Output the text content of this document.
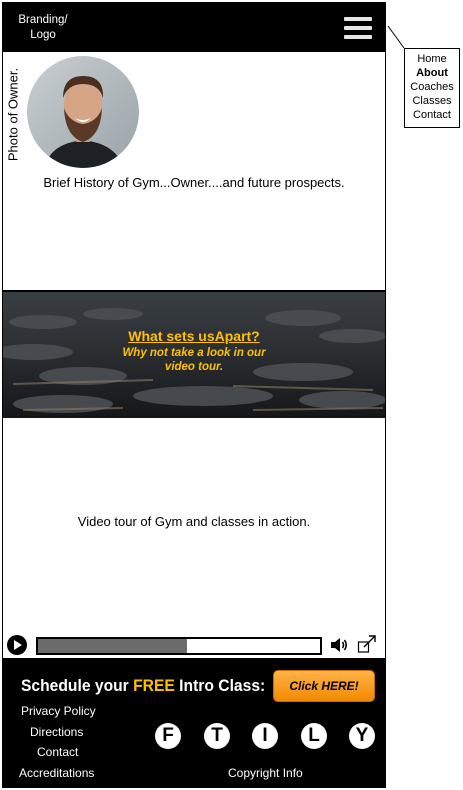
Branding/
Logo
Photo of Owner.
Brief History of Gym...Owner....and future prospects.
What sets usApart?
Why not take a look in our
video tour.
Video tour of Gym and classes in action.
Schedule your FREE Intro Class:	Click HERE!
Privacy Policy
Directions
Contact
Accreditations
F	T	I	L	Y
Copyright Info
Home
About
Coaches
Classes
Contact
